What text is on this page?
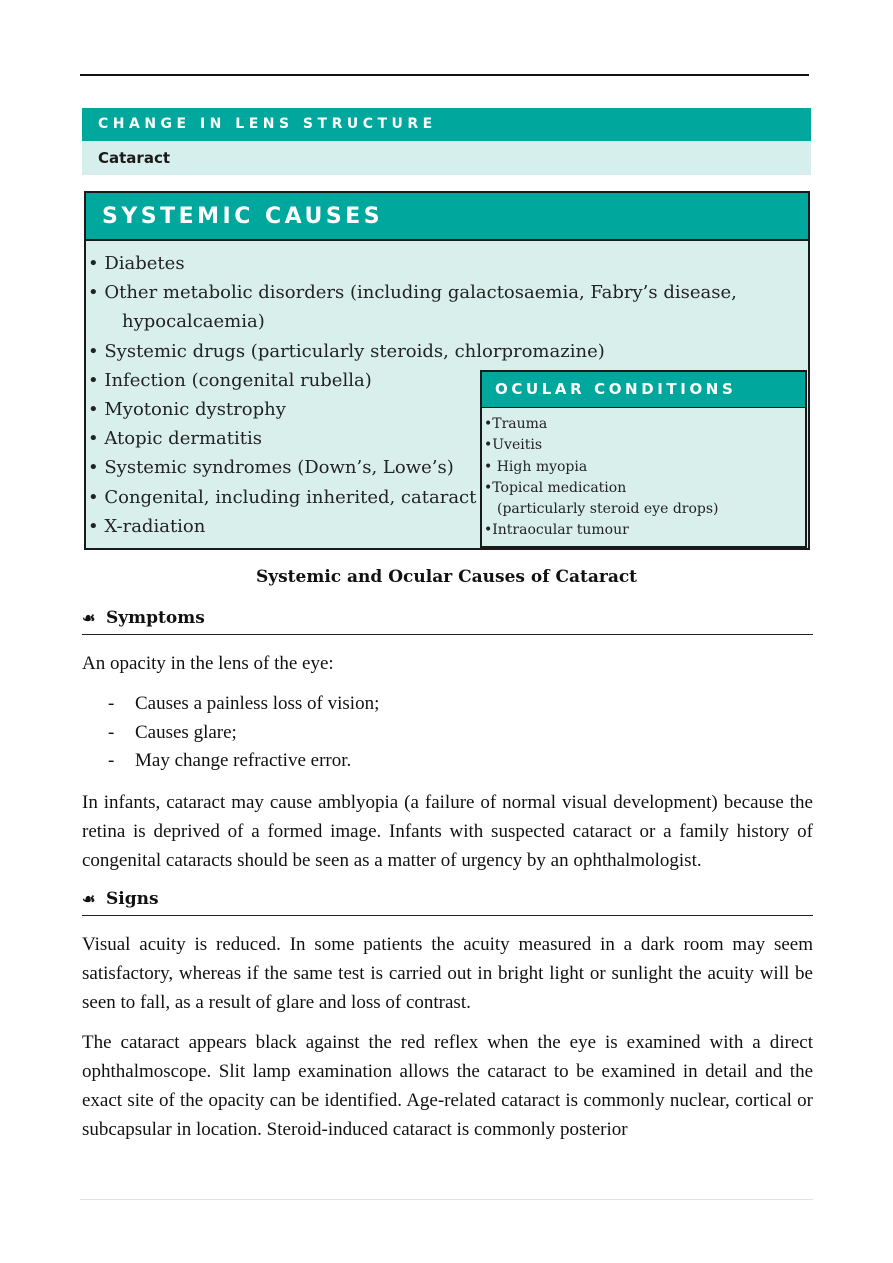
CHANGE IN LENS STRUCTURE
Cataract
SYSTEMIC CAUSES
• Diabetes
• Other metabolic disorders (including galactosaemia, Fabry’s disease,
hypocalcaemia)
• Systemic drugs (particularly steroids, chlorpromazine)
• Infection (congenital rubella)
• Myotonic dystrophy
• Atopic dermatitis
• Systemic syndromes (Down’s, Lowe’s)
• Congenital, including inherited, cataract
• X-radiation
OCULAR CONDITIONS
•Trauma
•Uveitis
• High myopia
•Topical medication
(particularly steroid eye drops)
•Intraocular tumour
Systemic and Ocular Causes of Cataract
☙ Symptoms

An opacity in the lens of the eye:

- Causes a painless loss of vision;
- Causes glare;
- May change refractive error.

In infants, cataract may cause amblyopia (a failure of normal visual development) because the retina is deprived of a formed image. Infants with suspected cataract or a family history of congenital cataracts should be seen as a matter of urgency by an ophthalmologist.

☙ Signs

Visual acuity is reduced. In some patients the acuity measured in a dark room may seem satisfactory, whereas if the same test is carried out in bright light or sunlight the acuity will be seen to fall, as a result of glare and loss of contrast.

The cataract appears black against the red reflex when the eye is examined with a direct ophthalmoscope. Slit lamp examination allows the cataract to be examined in detail and the exact site of the opacity can be identified. Age-related cataract is commonly nuclear, cortical or subcapsular in location. Steroid-induced cataract is commonly posterior
